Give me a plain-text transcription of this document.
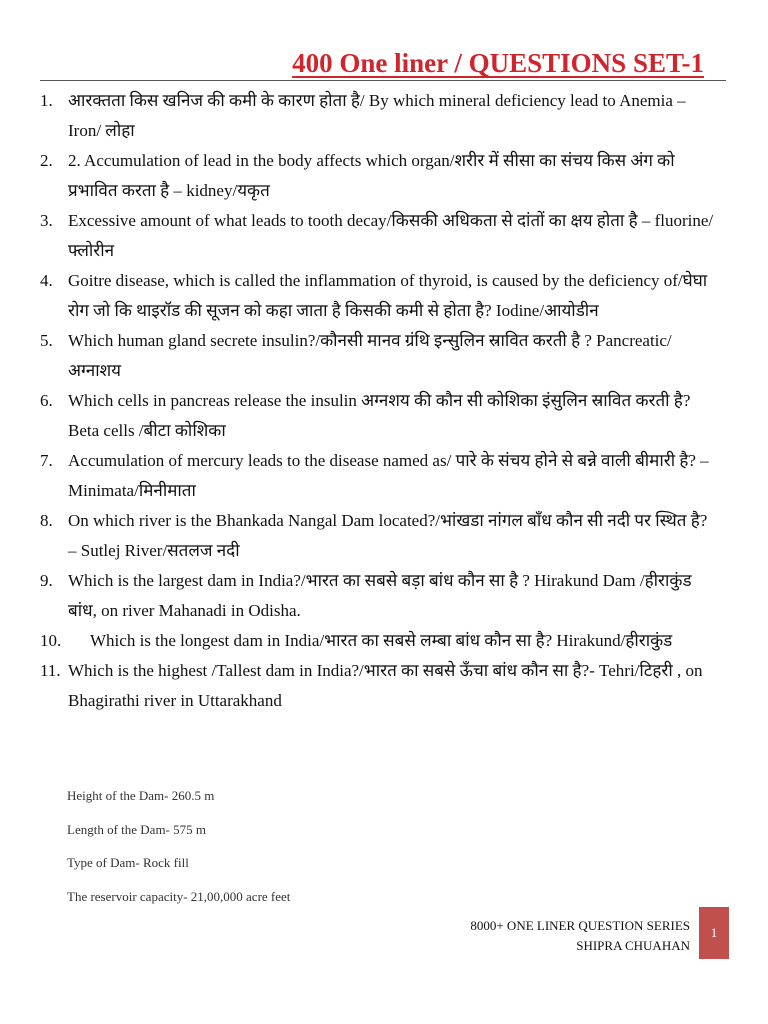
400 One liner / QUESTIONS SET-1
1. आरक्तता किस खनिज की कमी के कारण होता है/ By which mineral deficiency lead to Anemia – Iron/ लोहा
2. 2. Accumulation of lead in the body affects which organ/शरीर में सीसा का संचय किस अंग को प्रभावित करता है – kidney/यकृत
3. Excessive amount of what leads to tooth decay/किसकी अधिकता से दांतों का क्षय होता है – fluorine/फ्लोरीन
4. Goitre disease, which is called the inflammation of thyroid, is caused by the deficiency of/घेघा रोग जो कि थाइरॉड की सूजन को कहा जाता है किसकी कमी से होता है? Iodine/आयोडीन
5. Which human gland secrete insulin?/कौनसी मानव ग्रंथि इन्सुलिन स्रावित करती है ? Pancreatic/अग्नाशय
6. Which cells in pancreas release the insulin अग्नशय की कौन सी कोशिका इंसुलिन स्रावित करती है? Beta cells /बीटा कोशिका
7. Accumulation of mercury leads to the disease named as/ पारे के संचय होने से बन्ने वाली बीमारी है? – Minimata/मिनीमाता
8. On which river is the Bhankada Nangal Dam located?/भांखडा नांगल बाँध कौन सी नदी पर स्थित है? – Sutlej River/सतलज नदी
9. Which is the largest dam in India?/भारत का सबसे बड़ा बांध कौन सा है ? Hirakund Dam /हीराकुंड बांध, on river Mahanadi in Odisha.
10.	Which is the longest dam in India/भारत का सबसे लम्बा बांध कौन सा है? Hirakund/हीराकुंड
11. Which is the highest /Tallest dam in India?/भारत का सबसे ऊँचा बांध कौन सा है?- Tehri/टिहरी , on Bhagirathi river in Uttarakhand
Height of the Dam- 260.5 m
Length of the Dam- 575 m
Type of Dam- Rock fill
The reservoir capacity- 21,00,000 acre feet
8000+ ONE LINER QUESTION SERIES
SHIPRA CHUAHAN
1
